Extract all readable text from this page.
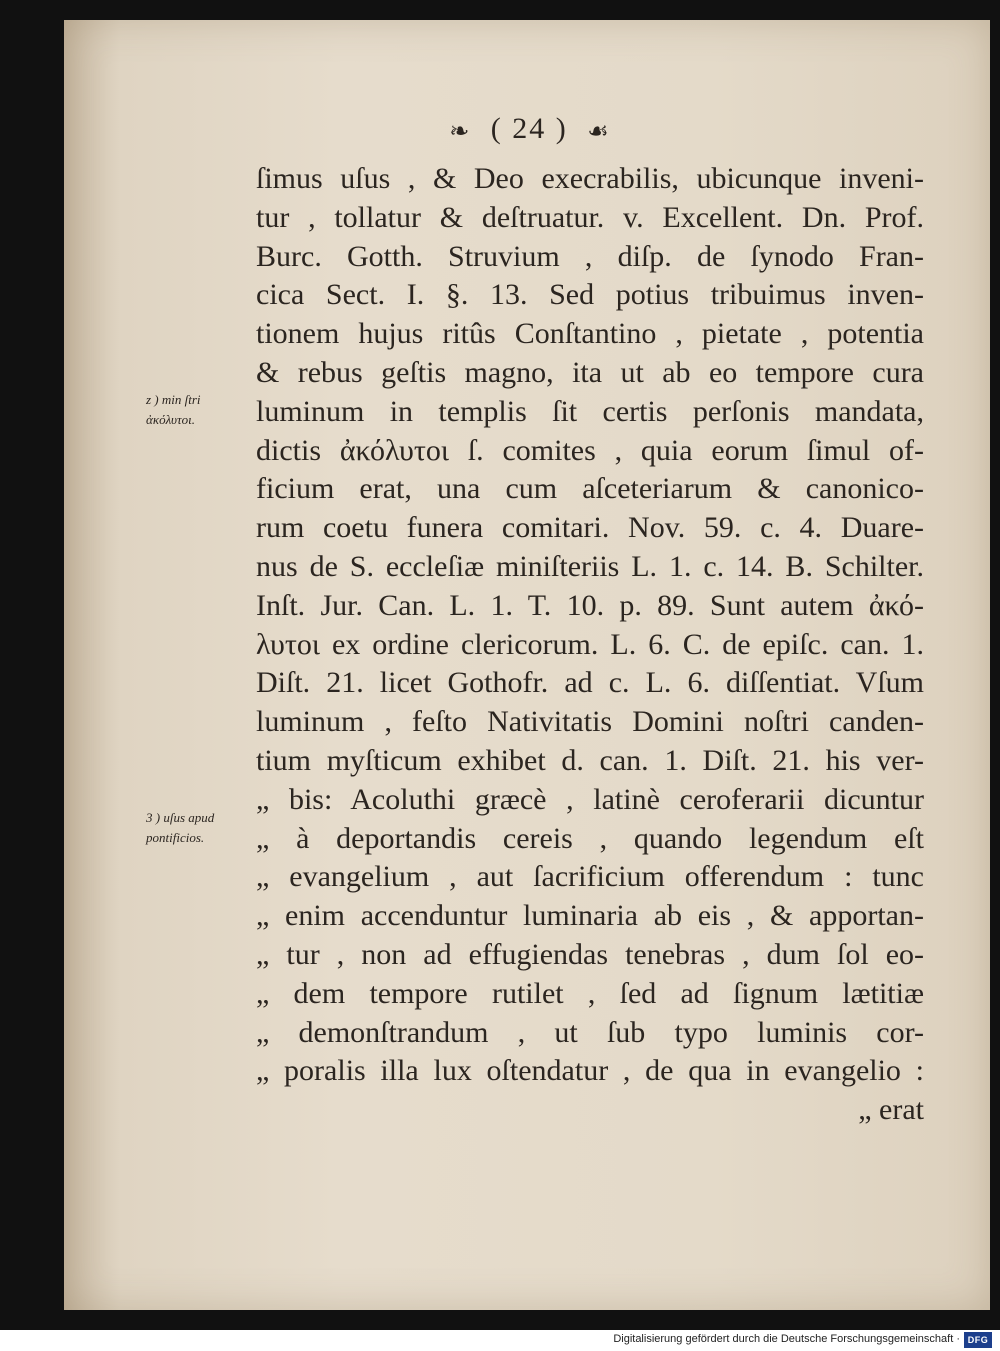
❧ ( 24 ) ☙
z ) min ſtri
ἀκόλυτοι.
3 ) uſus apud
pontificios.
ſimus uſus , & Deo execrabilis, ubicunque inveni-
tur , tollatur & deſtruatur. v. Excellent. Dn. Prof.
Burc. Gotth. Struvium , diſp. de ſynodo Fran-
cica Sect. I. §. 13. Sed potius tribuimus inven-
tionem hujus ritûs Conſtantino , pietate , potentia
& rebus geſtis magno, ita ut ab eo tempore cura
luminum in templis ſit certis perſonis mandata,
dictis ἀκόλυτοι ſ. comites , quia eorum ſimul of-
ficium erat, una cum aſceteriarum & canonico-
rum coetu funera comitari. Nov. 59. c. 4. Duare-
nus de S. eccleſiæ miniſteriis L. 1. c. 14. B. Schilter.
Inſt. Jur. Can. L. 1. T. 10. p. 89. Sunt autem ἀκό-
λυτοι ex ordine clericorum. L. 6. C. de epiſc. can. 1.
Diſt. 21. licet Gothofr. ad c. L. 6. diſſentiat. Vſum
luminum , feſto Nativitatis Domini noſtri canden-
tium myſticum exhibet d. can. 1. Diſt. 21. his ver-
„ bis: Acoluthi græcè , latinè ceroferarii dicuntur
„ à deportandis cereis , quando legendum eſt
„ evangelium , aut ſacrificium offerendum : tunc
„ enim accenduntur luminaria ab eis , & apportan-
„ tur , non ad effugiendas tenebras , dum ſol eo-
„ dem tempore rutilet , ſed ad ſignum lætitiæ
„ demonſtrandum , ut ſub typo luminis cor-
„ poralis illa lux oſtendatur , de qua in evangelio :
„ erat
Digitalisierung gefördert durch die Deutsche Forschungsgemeinschaft · DFG
